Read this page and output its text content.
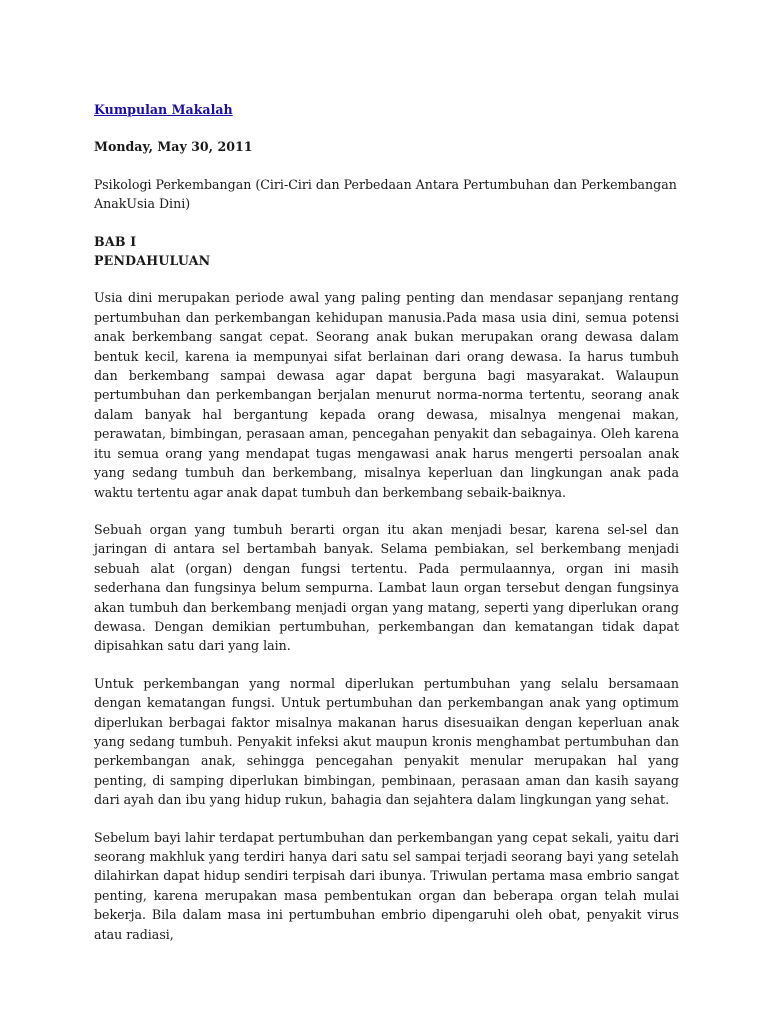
Kumpulan Makalah
Monday, May 30, 2011
Psikologi Perkembangan (Ciri-Ciri dan Perbedaan Antara Pertumbuhan dan Perkembangan AnakUsia Dini)
BAB I
PENDAHULUAN

Usia dini merupakan periode awal yang paling penting dan mendasar sepanjang rentang pertumbuhan dan perkembangan kehidupan manusia.Pada masa usia dini, semua potensi anak berkembang sangat cepat. Seorang anak bukan merupakan orang dewasa dalam bentuk kecil, karena ia mempunyai sifat berlainan dari orang dewasa. Ia harus tumbuh dan berkembang sampai dewasa agar dapat berguna bagi masyarakat. Walaupun pertumbuhan dan perkembangan berjalan menurut norma-norma tertentu, seorang anak dalam banyak hal bergantung kepada orang dewasa, misalnya mengenai makan, perawatan, bimbingan, perasaan aman, pencegahan penyakit dan sebagainya. Oleh karena itu semua orang yang mendapat tugas mengawasi anak harus mengerti persoalan anak yang sedang tumbuh dan berkembang, misalnya keperluan dan lingkungan anak pada waktu tertentu agar anak dapat tumbuh dan berkembang sebaik-baiknya.

Sebuah organ yang tumbuh berarti organ itu akan menjadi besar, karena sel-sel dan jaringan di antara sel bertambah banyak. Selama pembiakan, sel berkembang menjadi sebuah alat (organ) dengan fungsi tertentu. Pada permulaannya, organ ini masih sederhana dan fungsinya belum sempurna. Lambat laun organ tersebut dengan fungsinya akan tumbuh dan berkembang menjadi organ yang matang, seperti yang diperlukan orang dewasa. Dengan demikian pertumbuhan, perkembangan dan kematangan tidak dapat dipisahkan satu dari yang lain.

Untuk perkembangan yang normal diperlukan pertumbuhan yang selalu bersamaan dengan kematangan fungsi. Untuk pertumbuhan dan perkembangan anak yang optimum diperlukan berbagai faktor misalnya makanan harus disesuaikan dengan keperluan anak yang sedang tumbuh. Penyakit infeksi akut maupun kronis menghambat pertumbuhan dan perkembangan anak, sehingga pencegahan penyakit menular merupakan hal yang penting, di samping diperlukan bimbingan, pembinaan, perasaan aman dan kasih sayang dari ayah dan ibu yang hidup rukun, bahagia dan sejahtera dalam lingkungan yang sehat.

Sebelum bayi lahir terdapat pertumbuhan dan perkembangan yang cepat sekali, yaitu dari seorang makhluk yang terdiri hanya dari satu sel sampai terjadi seorang bayi yang setelah dilahirkan dapat hidup sendiri terpisah dari ibunya. Triwulan pertama masa embrio sangat penting, karena merupakan masa pembentukan organ dan beberapa organ telah mulai bekerja. Bila dalam masa ini pertumbuhan embrio dipengaruhi oleh obat, penyakit virus atau radiasi,
